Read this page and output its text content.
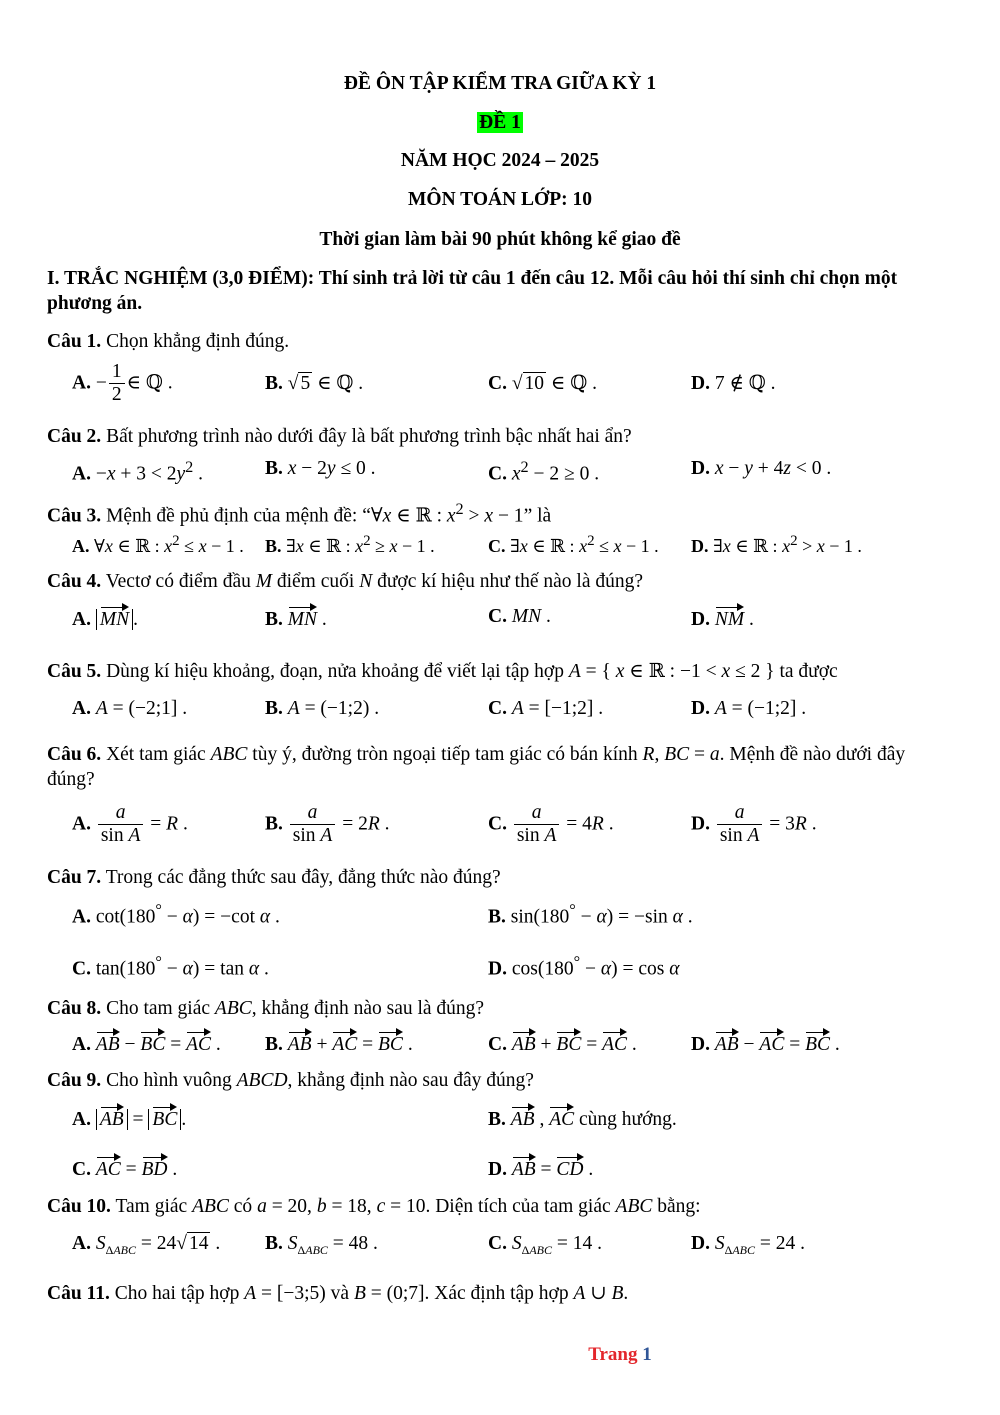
ĐỀ ÔN TẬP KIỂM TRA GIỮA KỲ 1
ĐỀ 1
NĂM HỌC 2024 – 2025
MÔN TOÁN LỚP: 10
Thời gian làm bài 90 phút không kể giao đề
I. TRẮC NGHIỆM (3,0 ĐIỂM): Thí sinh trả lời từ câu 1 đến câu 12. Mỗi câu hỏi thí sinh chỉ chọn một phương án.
Câu 1. Chọn khẳng định đúng.
A. − $\frac{1}{2}$ ∈ ℚ .	B. √ 5 ∈ ℚ .	C. √ 10 ∈ ℚ .	D. 7 ∉ ℚ .
Câu 2. Bất phương trình nào dưới đây là bất phương trình bậc nhất hai ẩn?
A. $-x + 3 < 2y^2$ .	B. x − 2y ≤ 0 .	C. $x^2 - 2 \ge 0$ .	D. x − y + 4z < 0 .
Câu 3. Mệnh đề phủ định của mệnh đề: “∀x ∈ ℝ : $x^2 > x - 1$” là
A. ∀x ∈ ℝ : $x^2 \le x - 1$ . B. ∃x ∈ ℝ : $x^2 \ge x - 1$ .	C. ∃x ∈ ℝ : $x^2 \le x - 1$ . D. ∃x ∈ ℝ : $x^2 > x - 1$ .
Câu 4. Vectơ có điểm đầu M điểm cuối N được kí hiệu như thế nào là đúng?
A. MN .	B. MN .	C. MN .	D. NM .
Câu 5. Dùng kí hiệu khoảng, đoạn, nửa khoảng để viết lại tập hợp A = { x ∈ ℝ : −1 < x ≤ 2 } ta được
A. A = (−2;1] .	B. A = (−1;2) .	C. A = [−1;2] .	D. A = (−1;2] .
Câu 6. Xét tam giác ABC tùy ý, đường tròn ngoại tiếp tam giác có bán kính R, BC = a. Mệnh đề nào dưới đây đúng?
A. $\frac{a}{\text{sin A}} = R$ .	B. $\frac{a}{\text{sin A}} = 2R$ .	C. $\frac{a}{\text{sin A}} = 4R$ .	D. $\frac{a}{\text{sin A}} = 3R$ .
Câu 7. Trong các đẳng thức sau đây, đẳng thức nào đúng?
A. cot(180° − α) = −cot α .	B. sin(180° − α) = −sin α .
C. tan(180° − α) = tan α .	D. cos(180° − α) = cos α
Câu 8. Cho tam giác ABC, khẳng định nào sau là đúng?
A. AB − BC = AC . B. AB + AC = BC .	C. AB + BC = AC .	D. AB − AC = BC .
Câu 9. Cho hình vuông ABCD, khẳng định nào sau đây đúng?
A. AB = BC .	B. AB , AC cùng hướng.
C. AC = BD .	D. AB = CD .
Câu 10. Tam giác ABC có a = 20, b = 18, c = 10. Diện tích của tam giác ABC bằng:
A. $S_{\Delta ABC} = 24√$ 14 . B. $S_{\Delta ABC} = 48$ .	C. $S_{\Delta ABC} = 14$ .	D. $S_{\Delta ABC} = 24$ .
Câu 11. Cho hai tập hợp A = [−3;5) và B = (0;7]. Xác định tập hợp A ∪ B.
Trang 1
